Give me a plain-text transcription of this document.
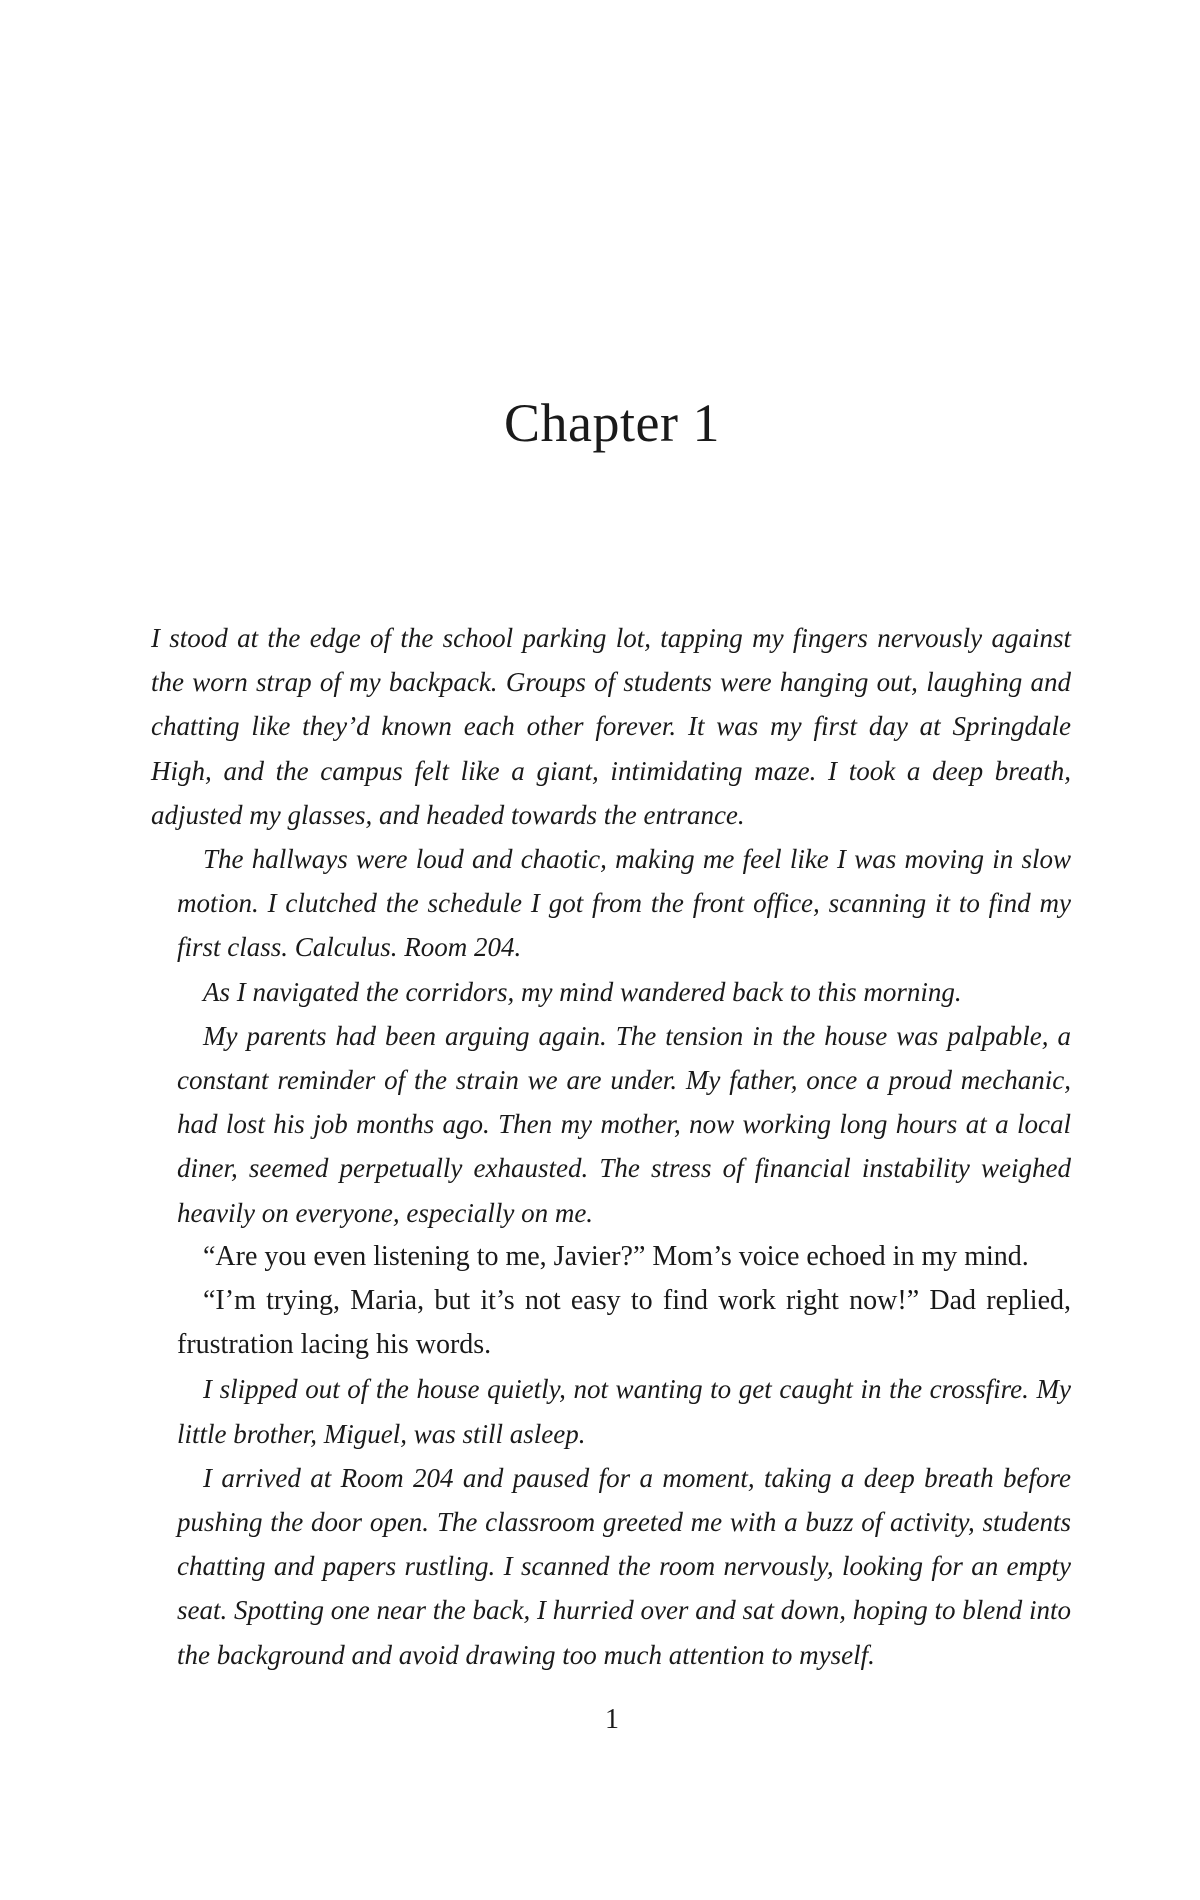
Chapter 1

I stood at the edge of the school parking lot, tapping my fingers nervously against
the worn strap of my backpack. Groups of students were hanging out, laughing and
chatting like they’d known each other forever. It was my first day at Springdale
High, and the campus felt like a giant, intimidating maze. I took a deep breath,
adjusted my glasses, and headed towards the entrance.

The hallways were loud and chaotic, making me feel like I was moving in slow
motion. I clutched the schedule I got from the front office, scanning it to find my
first class. Calculus. Room 204.

As I navigated the corridors, my mind wandered back to this morning.

My parents had been arguing again. The tension in the house was palpable, a
constant reminder of the strain we are under. My father, once a proud mechanic,
had lost his job months ago. Then my mother, now working long hours at a local
diner, seemed perpetually exhausted. The stress of financial instability weighed
heavily on everyone, especially on me.

“Are you even listening to me, Javier?” Mom’s voice echoed in my mind.

“I’m trying, Maria, but it’s not easy to find work right now!” Dad replied,
frustration lacing his words.

I slipped out of the house quietly, not wanting to get caught in the crossfire. My
little brother, Miguel, was still asleep.

I arrived at Room 204 and paused for a moment, taking a deep breath before
pushing the door open. The classroom greeted me with a buzz of activity, students
chatting and papers rustling. I scanned the room nervously, looking for an empty
seat. Spotting one near the back, I hurried over and sat down, hoping to blend into
the background and avoid drawing too much attention to myself.

1
